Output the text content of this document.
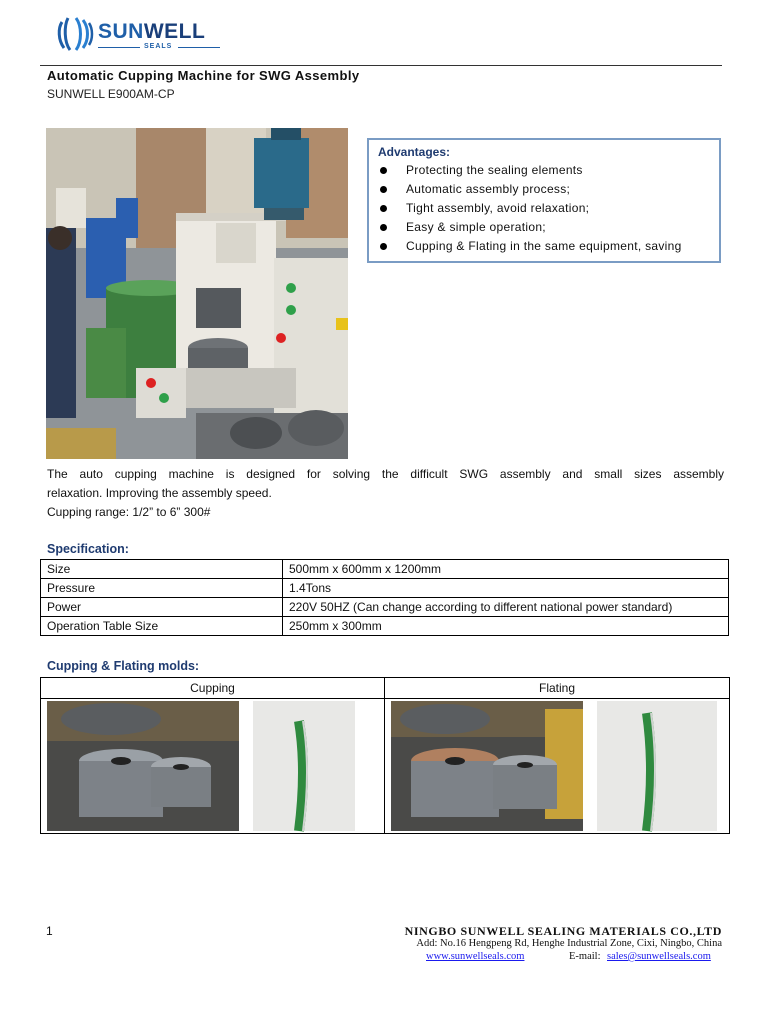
SUNWELL
SEALS
Automatic Cupping Machine for SWG Assembly
SUNWELL E900AM-CP
Advantages:
Protecting the sealing elements
Automatic assembly process;
Tight assembly, avoid relaxation;
Easy & simple operation;
Cupping & Flating in the same equipment, saving
The auto cupping machine is designed for solving the difficult SWG assembly and small sizes assembly
relaxation. Improving the assembly speed.
Cupping range: 1/2” to 6” 300#
Specification:
Size	500mm x 600mm x 1200mm
Pressure	1.4Tons
Power	220V 50HZ (Can change according to different national power standard)
Operation Table Size	250mm x 300mm
Cupping & Flating molds:
Cupping	Flating

1	NINGBO SUNWELL SEALING MATERIALS CO.,LTD
Add: No.16 Hengpeng Rd, Henghe Industrial Zone, Cixi, Ningbo, China
www.sunwellseals.com	E-mail: sales@sunwellseals.com
